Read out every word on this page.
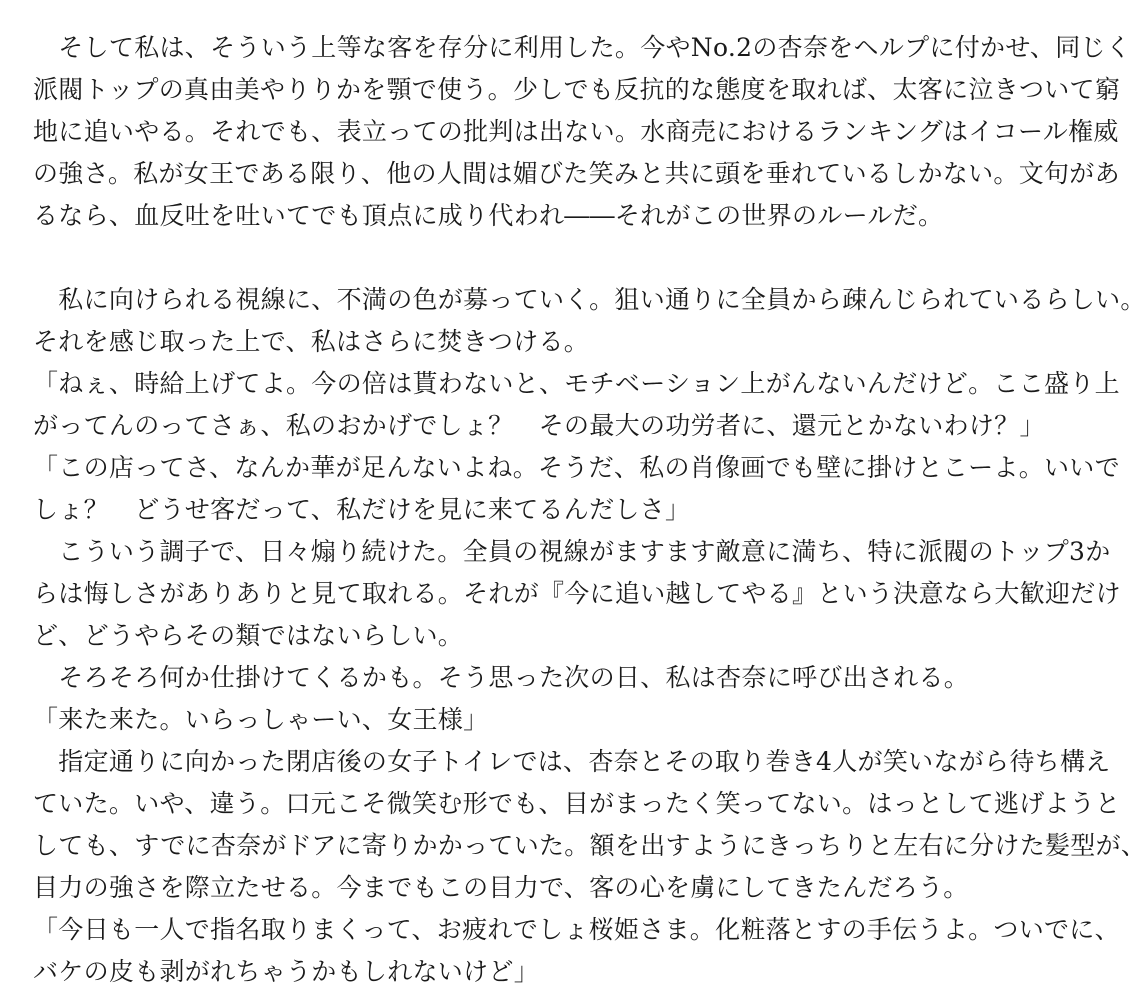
　そして私は、そういう上等な客を存分に利用した。今やNo.2の杏奈をヘルプに付かせ、同じく
派閥トップの真由美やりりかを顎で使う。少しでも反抗的な態度を取れば、太客に泣きついて窮
地に追いやる。それでも、表立っての批判は出ない。水商売におけるランキングはイコール権威
の強さ。私が女王である限り、他の人間は媚びた笑みと共に頭を垂れているしかない。文句があ
るなら、血反吐を吐いてでも頂点に成り代われ――それがこの世界のルールだ。
　私に向けられる視線に、不満の色が募っていく。狙い通りに全員から疎んじられているらしい。
それを感じ取った上で、私はさらに焚きつける。
「ねぇ、時給上げてよ。今の倍は貰わないと、モチベーション上がんないんだけど。ここ盛り上
がってんのってさぁ、私のおかげでしょ？　その最大の功労者に、還元とかないわけ？」
「この店ってさ、なんか華が足んないよね。そうだ、私の肖像画でも壁に掛けとこーよ。いいで
しょ？　どうせ客だって、私だけを見に来てるんだしさ」
　こういう調子で、日々煽り続けた。全員の視線がますます敵意に満ち、特に派閥のトップ3か
らは悔しさがありありと見て取れる。それが『今に追い越してやる』という決意なら大歓迎だけ
ど、どうやらその類ではないらしい。
　そろそろ何か仕掛けてくるかも。そう思った次の日、私は杏奈に呼び出される。
「来た来た。いらっしゃーい、女王様」
　指定通りに向かった閉店後の女子トイレでは、杏奈とその取り巻き4人が笑いながら待ち構え
ていた。いや、違う。口元こそ微笑む形でも、目がまったく笑ってない。はっとして逃げようと
しても、すでに杏奈がドアに寄りかかっていた。額を出すようにきっちりと左右に分けた髪型が、
目力の強さを際立たせる。今までもこの目力で、客の心を虜にしてきたんだろう。
「今日も一人で指名取りまくって、お疲れでしょ桜姫さま。化粧落とすの手伝うよ。ついでに、
バケの皮も剥がれちゃうかもしれないけど」
